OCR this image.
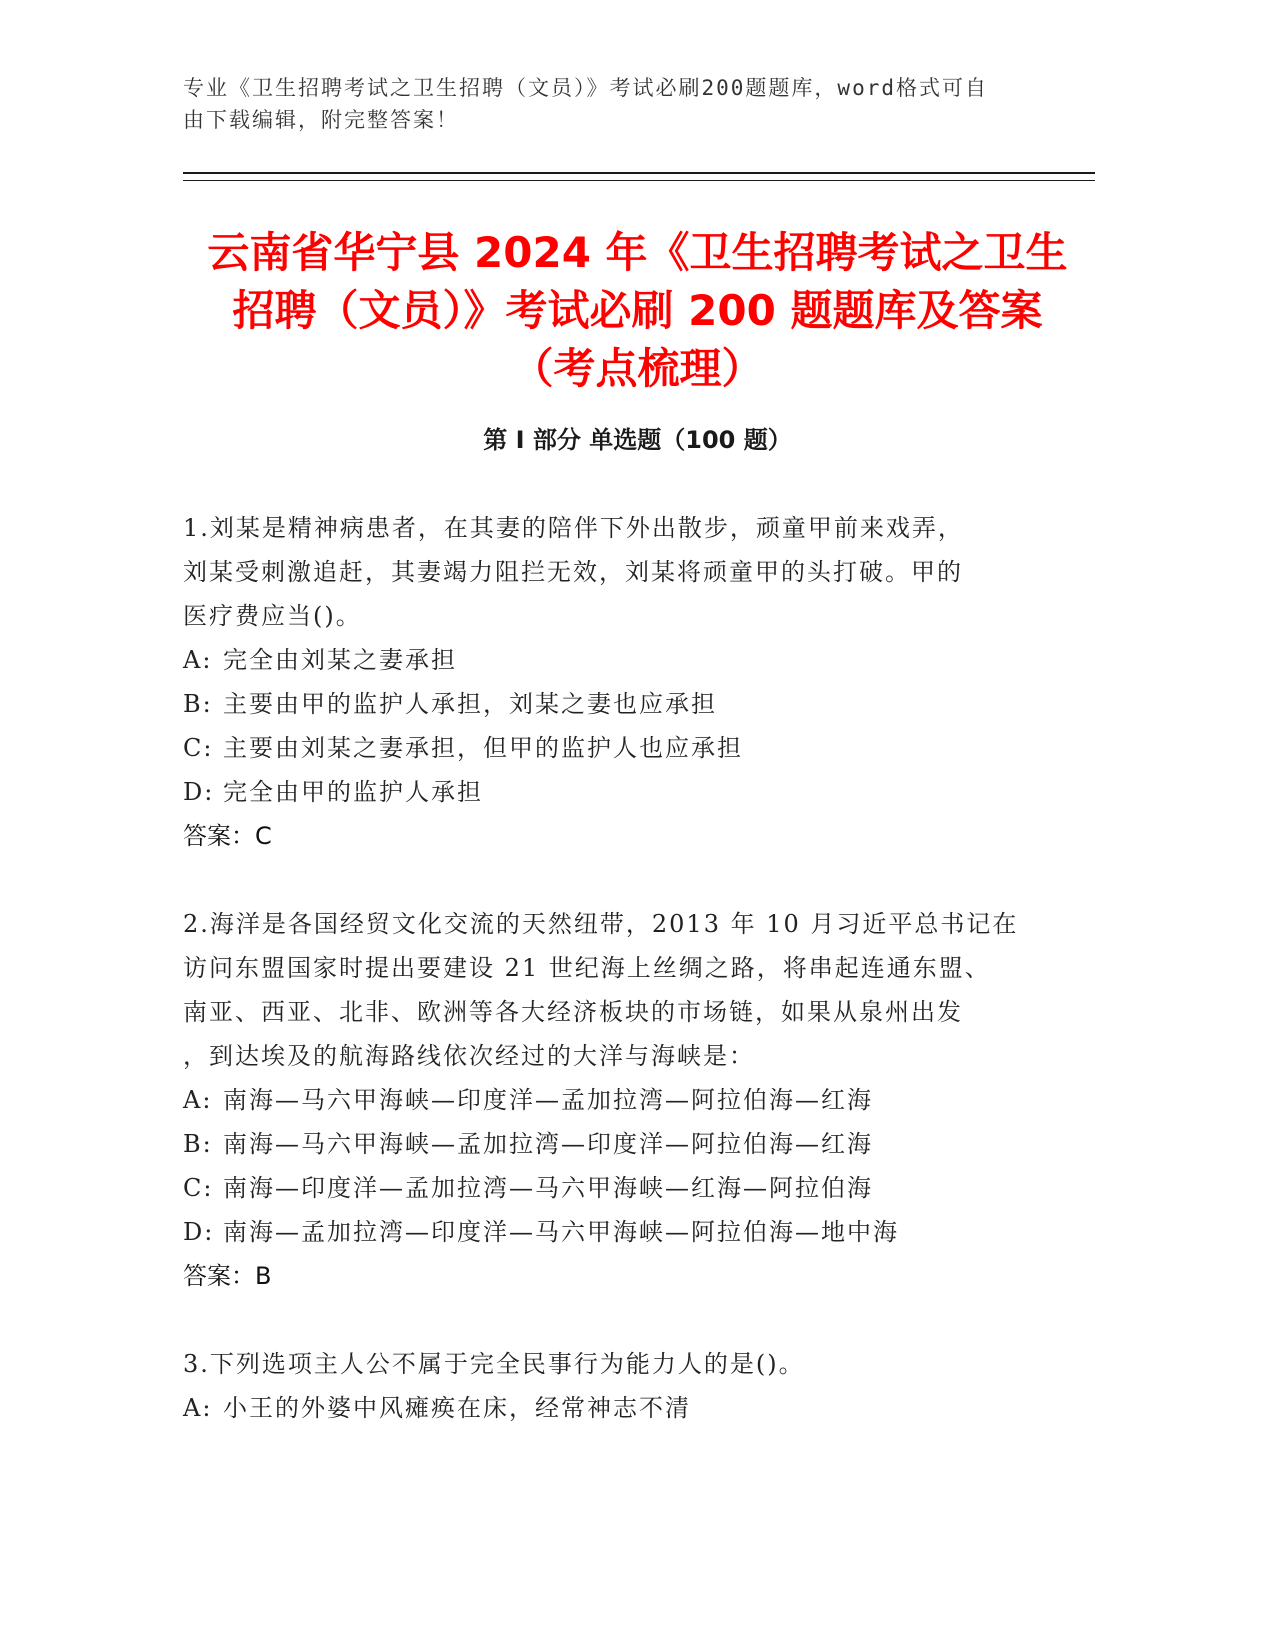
专业《卫生招聘考试之卫生招聘（文员）》考试必刷200题题库，word格式可自
由下载编辑，附完整答案！
云南省华宁县 2024 年《卫生招聘考试之卫生
招聘（文员）》考试必刷 200 题题库及答案
（考点梳理）
第 I 部分 单选题（100 题）

1.刘某是精神病患者，在其妻的陪伴下外出散步，顽童甲前来戏弄，

刘某受刺激追赶，其妻竭力阻拦无效，刘某将顽童甲的头打破。甲的

医疗费应当()。

A: 完全由刘某之妻承担

B: 主要由甲的监护人承担，刘某之妻也应承担

C: 主要由刘某之妻承担，但甲的监护人也应承担

D: 完全由甲的监护人承担

答案：C

2.海洋是各国经贸文化交流的天然纽带，2013 年 10 月习近平总书记在

访问东盟国家时提出要建设 21 世纪海上丝绸之路，将串起连通东盟、

南亚、西亚、北非、欧洲等各大经济板块的市场链，如果从泉州出发

，到达埃及的航海路线依次经过的大洋与海峡是：

A: 南海—马六甲海峡—印度洋—孟加拉湾—阿拉伯海—红海

B: 南海—马六甲海峡—孟加拉湾—印度洋—阿拉伯海—红海

C: 南海—印度洋—孟加拉湾—马六甲海峡—红海—阿拉伯海

D: 南海—孟加拉湾—印度洋—马六甲海峡—阿拉伯海—地中海

答案：B

3.下列选项主人公不属于完全民事行为能力人的是()。

A: 小王的外婆中风瘫痪在床，经常神志不清
